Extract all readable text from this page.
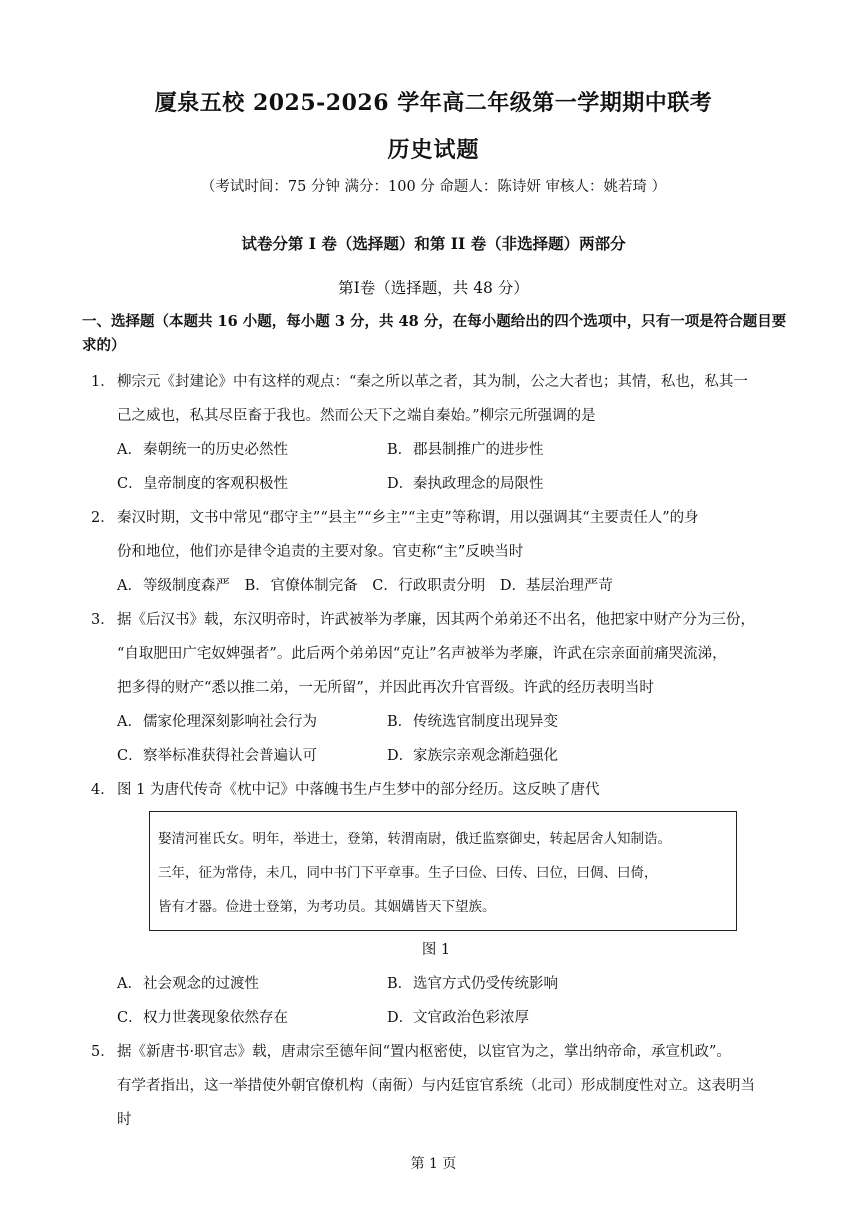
厦泉五校 2025-2026 学年高二年级第一学期期中联考
历史试题
（考试时间：75 分钟 满分：100 分 命题人：陈诗妍 审核人：姚若琦 ）
试卷分第 I 卷（选择题）和第 II 卷（非选择题）两部分
第Ⅰ卷（选择题，共 48 分）
一、选择题（本题共 16 小题，每小题 3 分，共 48 分，在每小题给出的四个选项中，只有一项是符合题目要求的）
1． 柳宗元《封建论》中有这样的观点：“秦之所以革之者，其为制，公之大者也；其情，私也，私其一
己之威也，私其尽臣畜于我也。然而公天下之端自秦始。”柳宗元所强调的是
A．秦朝统一的历史必然性	B．郡县制推广的进步性
C．皇帝制度的客观积极性	D．秦执政理念的局限性
2． 秦汉时期，文书中常见“郡守主”“县主”“乡主”“主吏”等称谓，用以强调其“主要责任人”的身
份和地位，他们亦是律令追责的主要对象。官吏称“主”反映当时
A．等级制度森严 B．官僚体制完备 C．行政职责分明 D．基层治理严苛
3． 据《后汉书》载，东汉明帝时，许武被举为孝廉，因其两个弟弟还不出名，他把家中财产分为三份，
“自取肥田广宅奴婢强者”。此后两个弟弟因“克让”名声被举为孝廉，许武在宗亲面前痛哭流涕，
把多得的财产“悉以推二弟，一无所留”，并因此再次升官晋级。许武的经历表明当时
A．儒家伦理深刻影响社会行为	B．传统选官制度出现异变
C．察举标准获得社会普遍认可	D．家族宗亲观念渐趋强化
4． 图 1 为唐代传奇《枕中记》中落魄书生卢生梦中的部分经历。这反映了唐代
娶清河崔氏女。明年，举进士，登第，转渭南尉，俄迁监察御史，转起居舍人知制诰。
三年，征为常侍，未几，同中书门下平章事。生子曰俭、曰传、曰位，曰倜、曰倚，
皆有才器。俭进士登第，为考功员。其姻媾皆天下望族。
图 1
A．社会观念的过渡性	B．选官方式仍受传统影响
C．权力世袭现象依然存在	D．文官政治色彩浓厚
5． 据《新唐书·职官志》载，唐肃宗至德年间“置内枢密使，以宦官为之，掌出纳帝命，承宣机政”。
有学者指出，这一举措使外朝官僚机构（南衙）与内廷宦官系统（北司）形成制度性对立。这表明当
时
第 1 页
